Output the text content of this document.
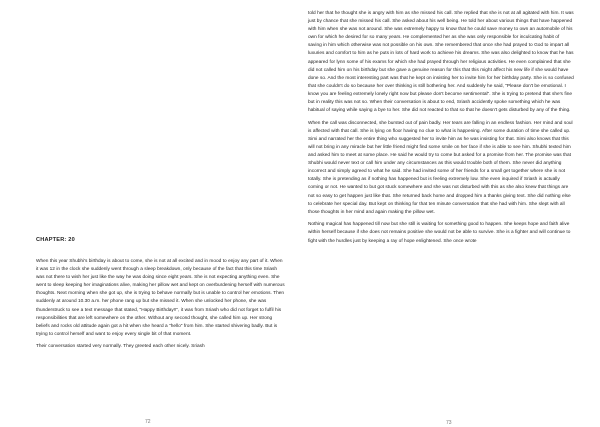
CHAPTER: 20

When this year Shubhi's birthday is about to come, she is not at all excited and in mood to enjoy any part of it. When it was 12 in the clock she suddenly went through a sleep breakdown, only because of the fact that this time Sriash was not there to wish her just like the way he was doing since eight years. She is not expecting anything even. She went to sleep keeping her imaginations alive, making her pillow wet and kept on overburdening herself with numerous thoughts. Next morning when she got up, she is trying to behave normally but is unable to control her emotions. Then suddenly at around 10.30 a.m. her phone rang up but she missed it. When she unlocked her phone, she was thunderstruck to see a text message that stated, "Happy Birthday!!", it was from Sriash who did not forget to fulfil his responsibilities that are left somewhere on the other. Without any second thought, she called him up. Her strong beliefs and rocks old attitude again got a hit when she heard a "hello" from him. She started shivering badly. But is trying to control herself and want to enjoy every single bit of that moment.

Their conversation started very normally. They greeted each other nicely. Sriash

told her that he thought she is angry with him as she missed his call. She replied that she is not at all agitated with him. It was just by chance that she missed his call. She asked about his well being. He told her about various things that have happened with him when she was not around. She was extremely happy to know that he could save money to own an automobile of his own for which he desired for so many years. He complemented her as she was only responsible for inculcating habit of saving in him which otherwise was not possible on his own. She remembered that once she had prayed to God to impart all luxuries and comfort to him as he puts in lots of hard work to achieve his dreams. She was also delighted to know that he has appeared for lynn some of his exams for which she had prayed through her religious activities. He even complained that she did not called him on his birthday but she gave a genuine reason for this that this might affect his new life if she would have done so. And the most interesting part was that he kept on insisting her to invite him for her birthday party. She is so confused that she couldn't do so because her over thinking is still bothering her. And suddenly he said, "Please don't be emotional. I know you are feeling extremely lonely right now but please don't become sentimental". She is trying to pretend that she's fine but in reality this was not so. When their conversation is about to end, Sriash accidently spoke something which he was habitual of saying while saying a bye to her. She did not reacted to that so that he doesn't gets disturbed by any of the thing.

When the call was disconnected, she bursted out of pain badly. Her tears are falling in an endless fashion. Her mind and soul is affected with that call. She is lying on floor having no clue to what is happening. After some duration of time she called up. Simi and narrated her the entire thing who suggested her to invite him as he was insisting for that. Simi also knows that this will not bring in any miracle but her little friend might find some smile on her face if she is able to see him. Shubhi texted him and asked him to meet at some place. He said he would try to come but asked for a promise from her. The promise was that Shubhi would never text or call him under any circumstances as this would trouble both of them. She never did anything incorrect and simply agreed to what he said. She had invited some of her friends for a small get together where she is not totally. She is pretending as if nothing has happened but is feeling extremely low. She even inquired if Sriash is actually coming or not. He wanted to but got stuck somewhere and she was not disturbed with this as she also knew that things are not so easy to get happen just like that. She returned back home and dropped him a thanks giving text. She did nothing else to celebrate her special day. But kept on thinking for that ten minute conversation that she had with him. She slept with all those thoughts in her mind and again making the pillow wet.

Nothing magical has happened till now but she still is waiting for something good to happen. She keeps hope and faith alive within herself because if she does not remains positive she would not be able to survive. She is a fighter and will continue to fight with the hurdles just by keeping a ray of hope enlightened. She once wrote

72	73
